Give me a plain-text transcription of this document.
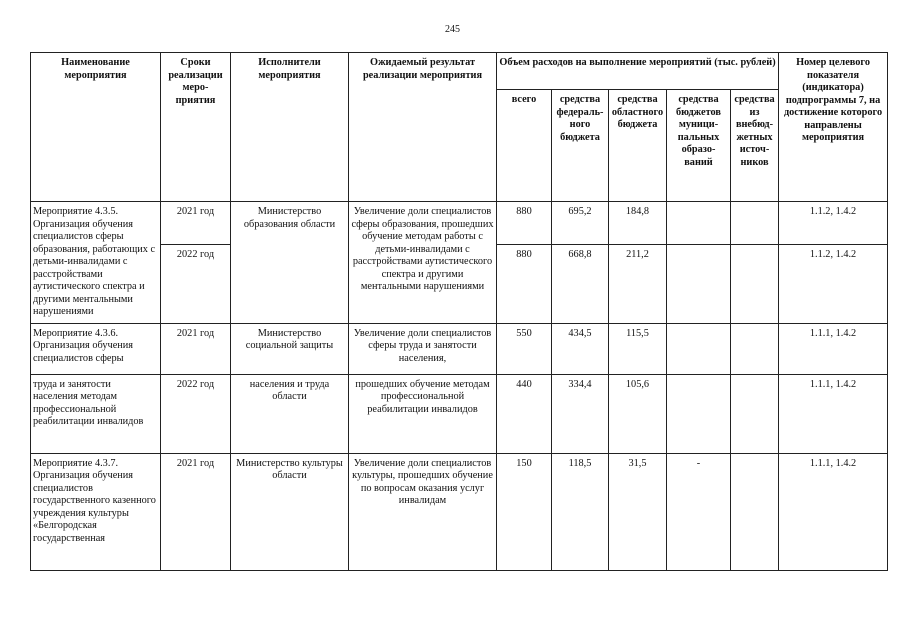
245
Наименование мероприятия	Сроки реализации меро-приятия	Исполнители мероприятия	Ожидаемый результат реализации мероприятия	Объем расходов на выполнение мероприятий (тыс. рублей)					Номер целевого показателя (индикатора) подпрограммы 7, на достижение которого направлены мероприятия
				всего	средства федераль-ного бюджета	средства областного бюджета	средства бюджетов муници-пальных образо-ваний	средства из внебюд-жетных источ-ников	
Мероприятие 4.3.5. Организация обучения специалистов сферы образования, работающих с детьми-инвалидами с расстройствами аутистического спектра и другими ментальными нарушениями	2021 год	Министерство образования области	Увеличение доли специалистов сферы образования, прошедших обучение методам работы с детьми-инвалидами с расстройствами аутистического спектра и другими ментальными нарушениями	880	695,2	184,8			1.1.2, 1.4.2
	2022 год			880	668,8	211,2			1.1.2, 1.4.2
Мероприятие 4.3.6. Организация обучения специалистов сферы	2021 год	Министерство социальной защиты	Увеличение доли специалистов сферы труда и занятости населения,	550	434,5	115,5			1.1.1, 1.4.2
труда и занятости населения методам профессиональной реабилитации инвалидов	2022 год	населения и труда области	прошедших обучение методам профессиональной реабилитации инвалидов	440	334,4	105,6			1.1.1, 1.4.2
Мероприятие 4.3.7. Организация обучения специалистов государственного казенного учреждения культуры «Белгородская государственная	2021 год	Министерство культуры области	Увеличение доли специалистов культуры, прошедших обучение по вопросам оказания услуг инвалидам	150	118,5	31,5	-		1.1.1, 1.4.2
